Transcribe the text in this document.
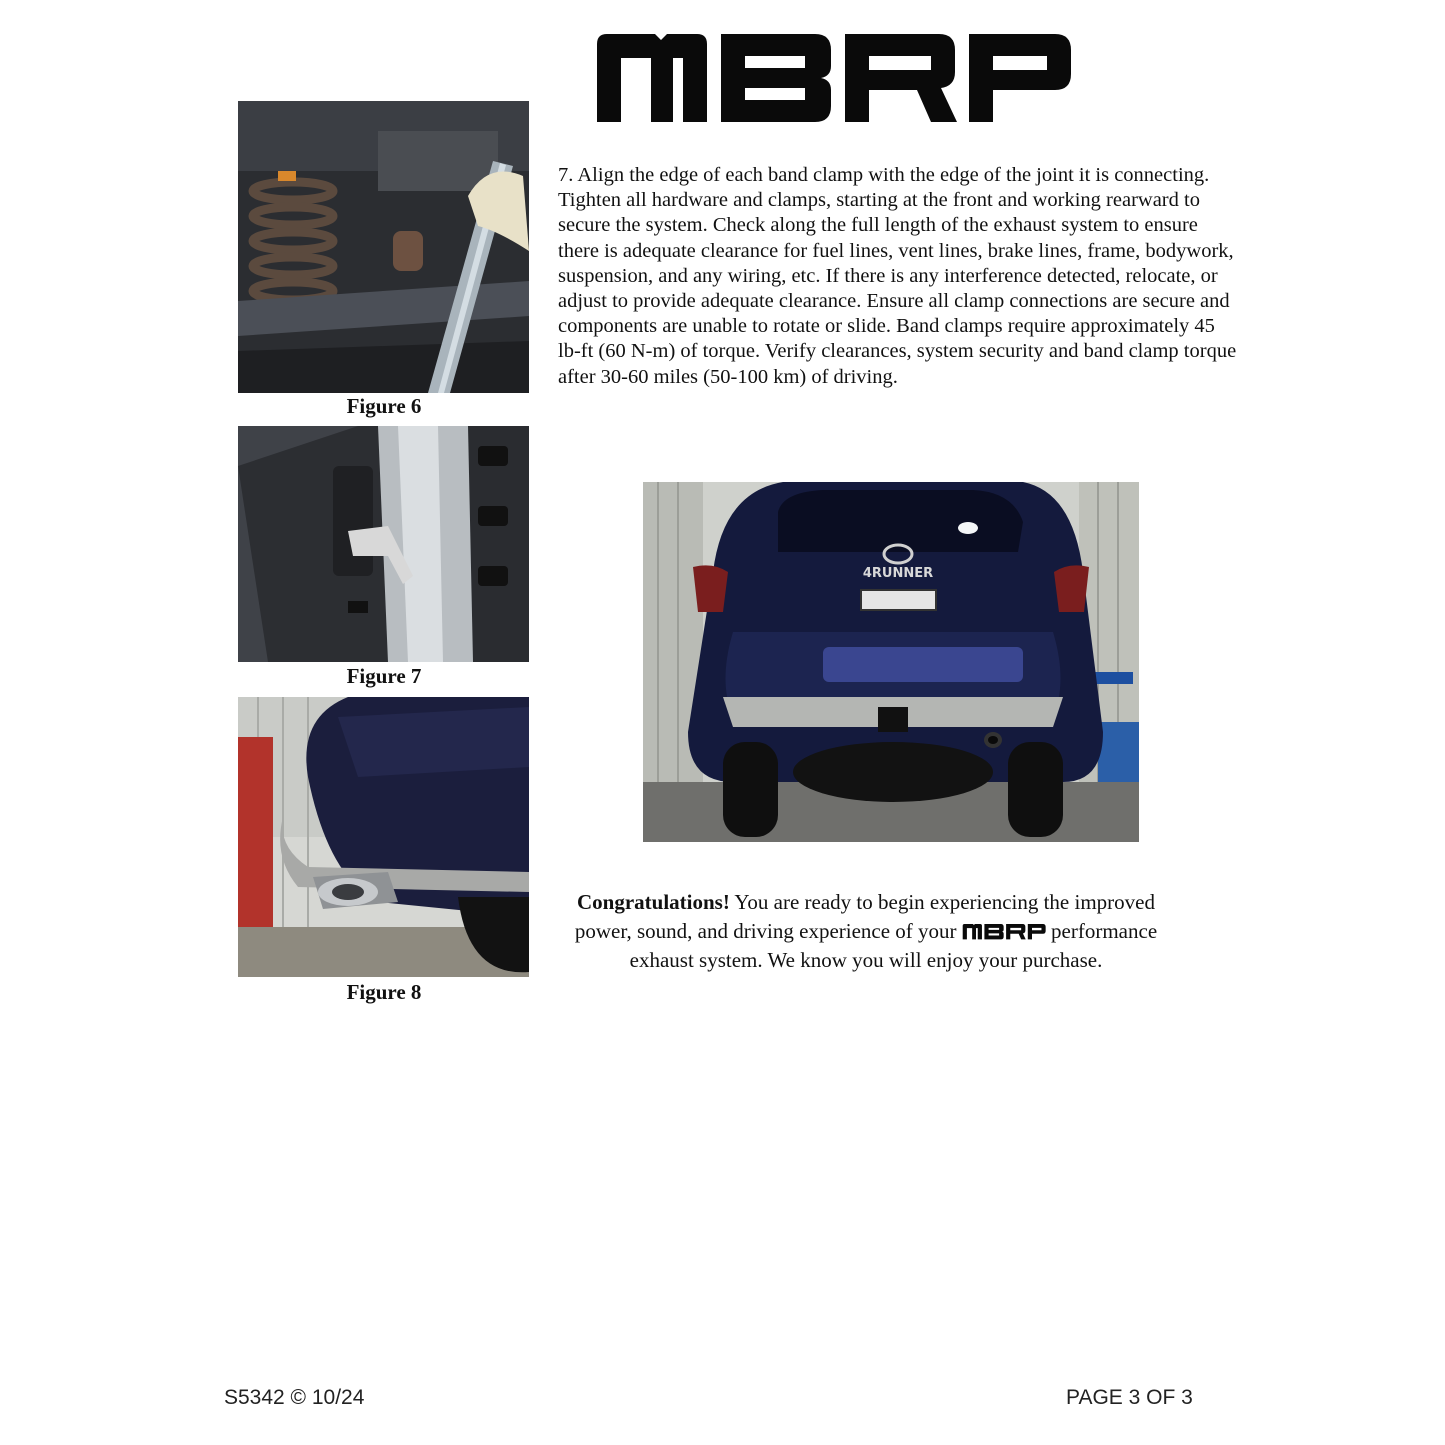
Figure 6
Figure 7
Figure 8

7. Align the edge of each band clamp with the edge of the joint it is connecting. Tighten all hardware and clamps, starting at the front and working rearward to secure the system. Check along the full length of the exhaust system to ensure there is adequate clearance for fuel lines, vent lines, brake lines, frame, bodywork, suspension, and any wiring, etc. If there is any interference detected, relocate, or adjust to provide adequate clearance. Ensure all clamp connections are secure and components are unable to rotate or slide. Band clamps require approximately 45 lb-ft (60 N-m) of torque. Verify clearances, system security and band clamp torque after 30-60 miles (50-100 km) of driving.

4RUNNER

Congratulations! You are ready to begin experiencing the improved power, sound, and driving experience of your	performance exhaust system. We know you will enjoy your purchase.

S5342 © 10/24	PAGE 3 OF 3
